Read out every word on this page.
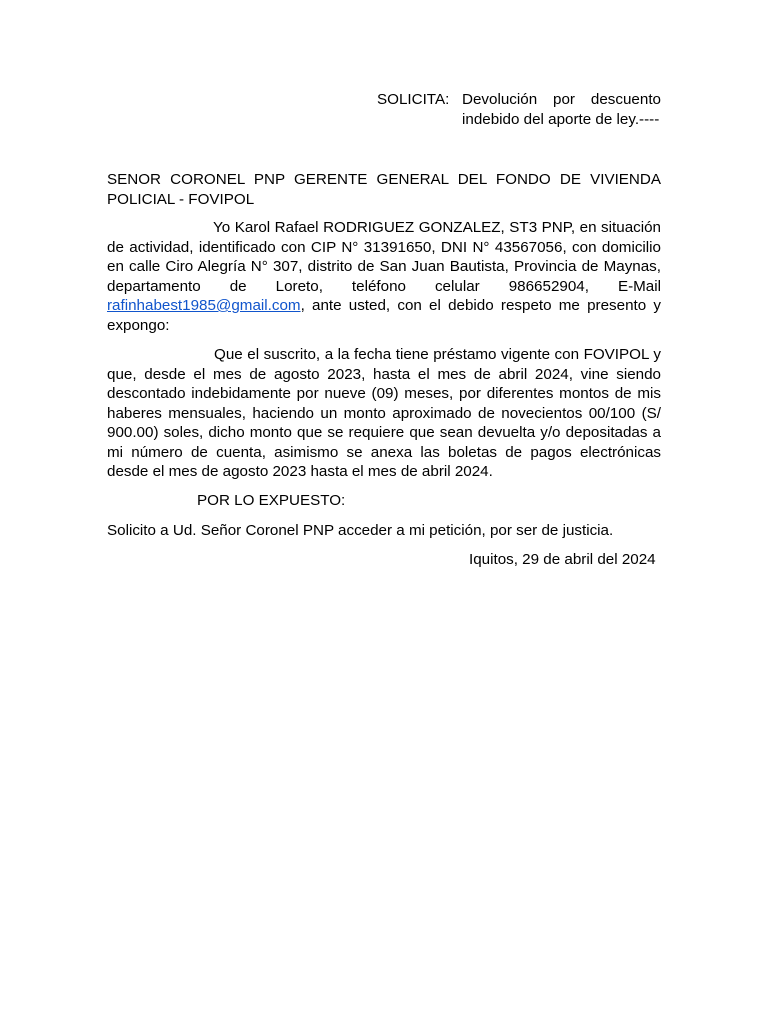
SOLICITA: Devolución por descuento indebido del aporte de ley.----
SENOR CORONEL PNP GERENTE GENERAL DEL FONDO DE VIVIENDA POLICIAL - FOVIPOL

Yo Karol Rafael RODRIGUEZ GONZALEZ, ST3 PNP, en situación de actividad, identificado con CIP N° 31391650, DNI N° 43567056, con domicilio en calle Ciro Alegría N° 307, distrito de San Juan Bautista, Provincia de Maynas, departamento de Loreto, teléfono celular 986652904, E-Mail rafinhabest1985@gmail.com, ante usted, con el debido respeto me presento y expongo:

Que el suscrito, a la fecha tiene préstamo vigente con FOVIPOL y que, desde el mes de agosto 2023, hasta el mes de abril 2024, vine siendo descontado indebidamente por nueve (09) meses, por diferentes montos de mis haberes mensuales, haciendo un monto aproximado de novecientos 00/100 (S/ 900.00) soles, dicho monto que se requiere que sean devuelta y/o depositadas a mi número de cuenta, asimismo se anexa las boletas de pagos electrónicas desde el mes de agosto 2023 hasta el mes de abril 2024.

POR LO EXPUESTO:
Solicito a Ud. Señor Coronel PNP acceder a mi petición, por ser de justicia.
Iquitos, 29 de abril del 2024
